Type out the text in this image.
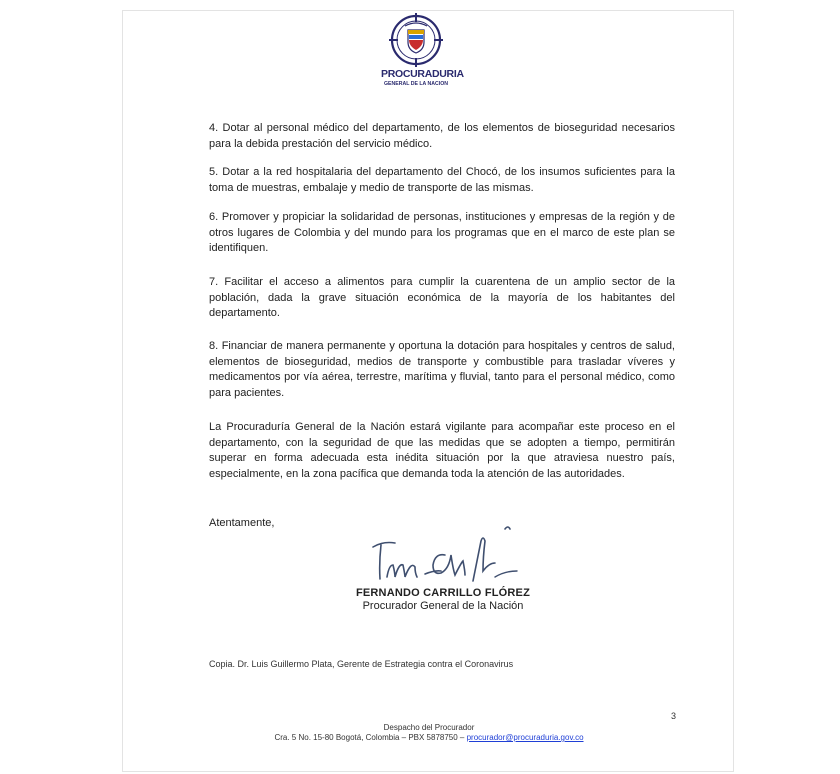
PROCURADURIA
GENERAL DE LA NACION

4. Dotar al personal médico del departamento, de los elementos de bioseguridad necesarios para la debida prestación del servicio médico.

5. Dotar a la red hospitalaria del departamento del Chocó, de los insumos suficientes para la toma de muestras, embalaje y medio de transporte de las mismas.

6. Promover y propiciar la solidaridad de personas, instituciones y empresas de la región y de otros lugares de Colombia y del mundo para los programas que en el marco de este plan se identifiquen.

7. Facilitar el acceso a alimentos para cumplir la cuarentena de un amplio sector de la población, dada la grave situación económica de la mayoría de los habitantes del departamento.

8. Financiar de manera permanente y oportuna la dotación para hospitales y centros de salud, elementos de bioseguridad, medios de transporte y combustible para trasladar víveres y medicamentos por vía aérea, terrestre, marítima y fluvial, tanto para el personal médico, como para pacientes.

La Procuraduría General de la Nación estará vigilante para acompañar este proceso en el departamento, con la seguridad de que las medidas que se adopten a tiempo, permitirán superar en forma adecuada esta inédita situación por la que atraviesa nuestro país, especialmente, en la zona pacífica que demanda toda la atención de las autoridades.

Atentamente,
FERNANDO CARRILLO FLÓREZ
Procurador General de la Nación
Copia. Dr. Luis Guillermo Plata, Gerente de Estrategia contra el Coronavirus
3
Despacho del Procurador
Cra. 5 No. 15-80 Bogotá, Colombia – PBX 5878750 – procurador@procuraduria.gov.co
